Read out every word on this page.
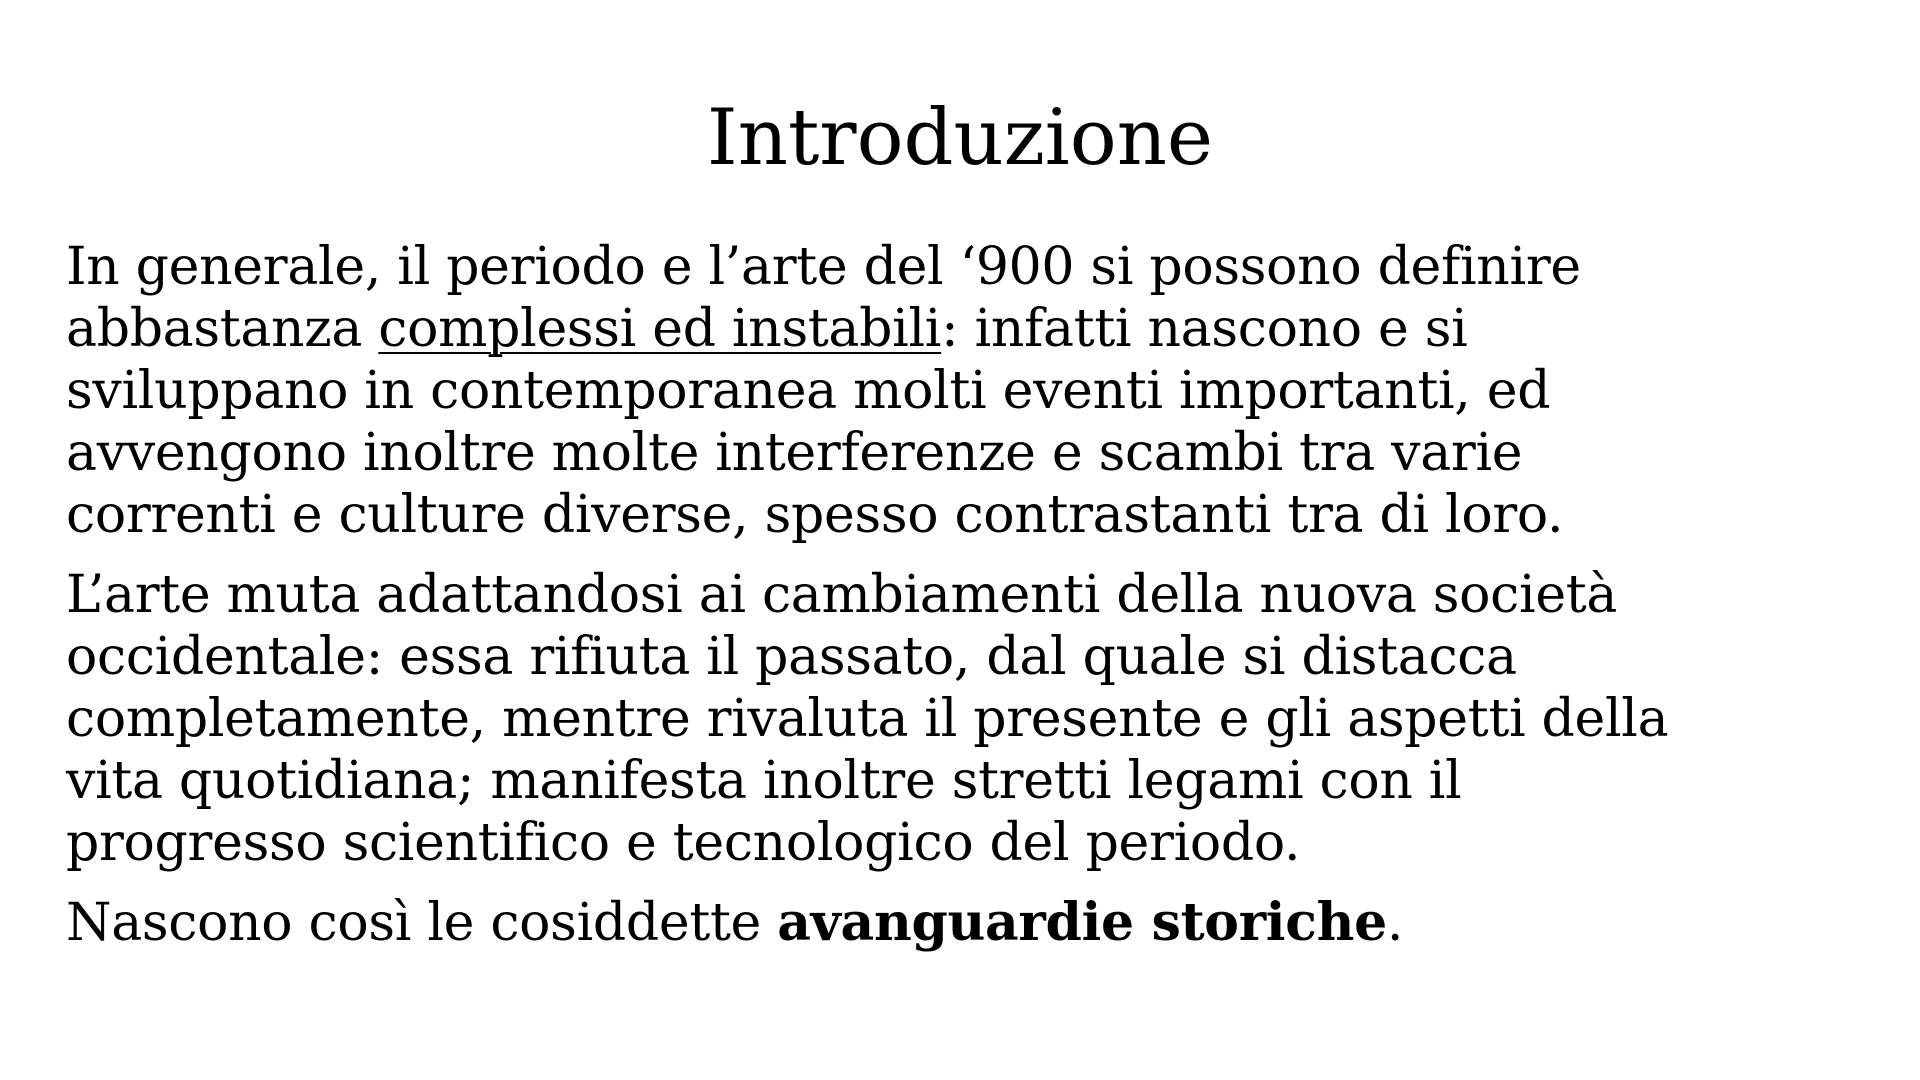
Introduzione

In generale, il periodo e l’arte del ‘900 si possono definire
abbastanza complessi ed instabili: infatti nascono e si
sviluppano in contemporanea molti eventi importanti, ed
avvengono inoltre molte interferenze e scambi tra varie
correnti e culture diverse, spesso contrastanti tra di loro.

L’arte muta adattandosi ai cambiamenti della nuova società
occidentale: essa rifiuta il passato, dal quale si distacca
completamente, mentre rivaluta il presente e gli aspetti della
vita quotidiana; manifesta inoltre stretti legami con il
progresso scientifico e tecnologico del periodo.

Nascono così le cosiddette avanguardie storiche.
